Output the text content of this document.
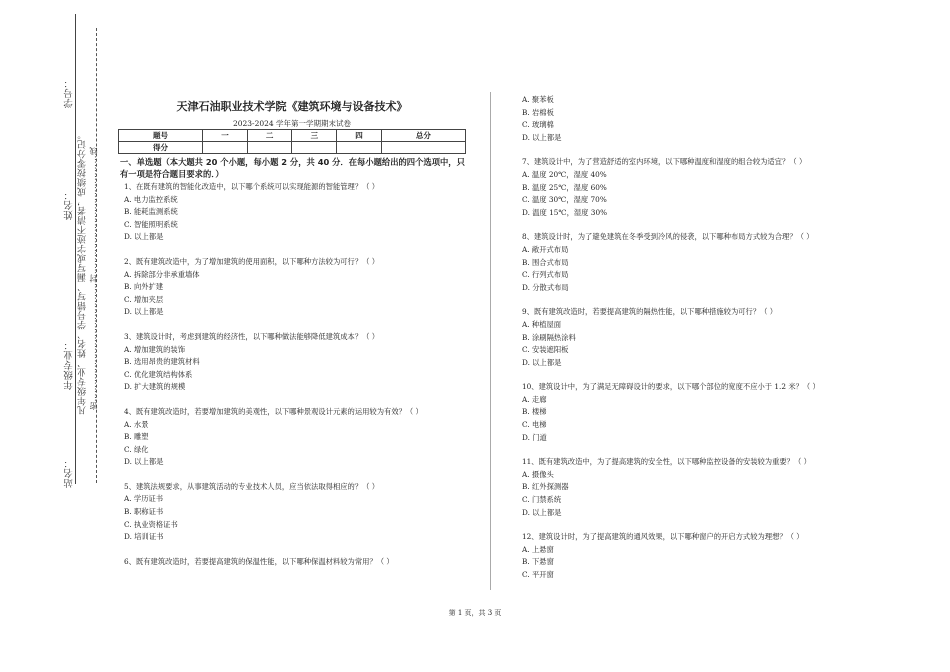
密……………………………………封……………………………………线
凡年级专业、姓名、学号错写、漏写或字迹不清者，成绩按零分记。
学号：
姓名：
年级专业：
站名：
天津石油职业技术学院《建筑环境与设备技术》
2023-2024 学年第一学期期末试卷
题号	一	二	三	四	总分
得分					
一、单选题（本大题共 20 个小题，每小题 2 分，共 40 分．在每小题给出的四个选项中，只有一项是符合题目要求的．）

1、在既有建筑的智能化改造中，以下哪个系统可以实现能源的智能管理？（ ）

A. 电力监控系统

B. 能耗监测系统

C. 智能照明系统

D. 以上都是

2、既有建筑改造中，为了增加建筑的使用面积，以下哪种方法较为可行？（ ）

A. 拆除部分非承重墙体

B. 向外扩建

C. 增加夹层

D. 以上都是

3、建筑设计时，考虑到建筑的经济性，以下哪种做法能够降低建筑成本？（ ）

A. 增加建筑的装饰

B. 选用昂贵的建筑材料

C. 优化建筑结构体系

D. 扩大建筑的规模

4、既有建筑改造时，若要增加建筑的美观性，以下哪种景观设计元素的运用较为有效？（ ）

A. 水景

B. 雕塑

C. 绿化

D. 以上都是

5、建筑法规要求，从事建筑活动的专业技术人员，应当依法取得相应的？（ ）

A. 学历证书

B. 职称证书

C. 执业资格证书

D. 培训证书

6、既有建筑改造时，若要提高建筑的保温性能，以下哪种保温材料较为常用？（ ）

A. 聚苯板

B. 岩棉板

C. 玻璃棉

D. 以上都是

7、建筑设计中，为了营造舒适的室内环境，以下哪种温度和湿度的组合较为适宜？（ ）

A. 温度 20℃，湿度 40%

B. 温度 25℃，湿度 60%

C. 温度 30℃，湿度 70%

D. 温度 15℃，湿度 30%

8、建筑设计时，为了避免建筑在冬季受到冷风的侵袭，以下哪种布局方式较为合理？（ ）

A. 敞开式布局

B. 围合式布局

C. 行列式布局

D. 分散式布局

9、既有建筑改造时，若要提高建筑的隔热性能，以下哪种措施较为可行？（ ）

A. 种植屋面

B. 涂刷隔热涂料

C. 安装遮阳板

D. 以上都是

10、建筑设计中，为了满足无障碍设计的要求，以下哪个部位的宽度不应小于 1.2 米？（ ）

A. 走廊

B. 楼梯

C. 电梯

D. 门道

11、既有建筑改造中，为了提高建筑的安全性，以下哪种监控设备的安装较为重要？（ ）

A. 摄像头

B. 红外探测器

C. 门禁系统

D. 以上都是

12、建筑设计时，为了提高建筑的通风效果，以下哪种窗户的开启方式较为理想？（ ）

A. 上悬窗

B. 下悬窗

C. 平开窗

第 1 页，共 3 页
